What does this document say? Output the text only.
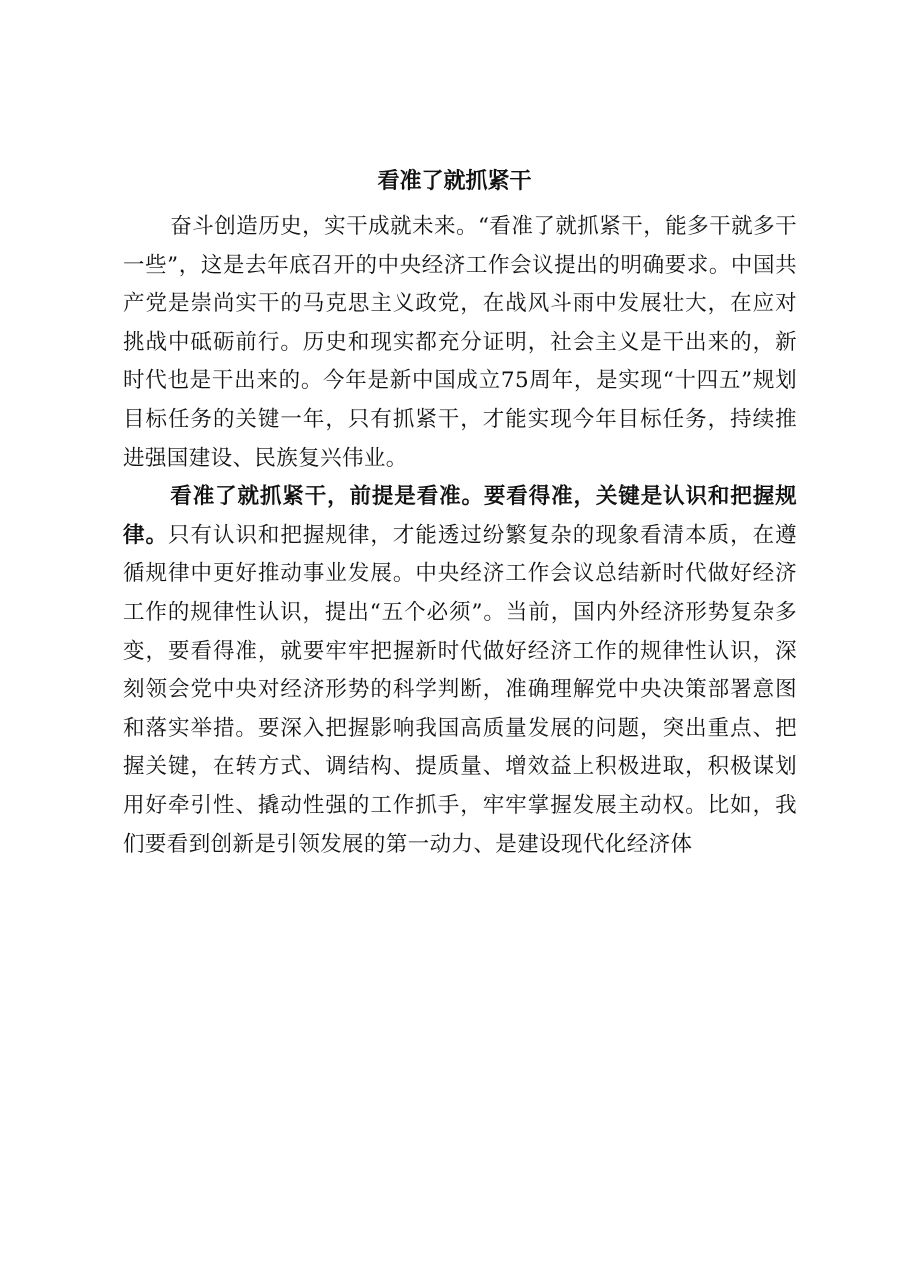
看准了就抓紧干

奋斗创造历史，实干成就未来。“看准了就抓紧干，能多干就多干一些”，这是去年底召开的中央经济工作会议提出的明确要求。中国共产党是崇尚实干的马克思主义政党，在战风斗雨中发展壮大，在应对挑战中砥砺前行。历史和现实都充分证明，社会主义是干出来的，新时代也是干出来的。今年是新中国成立75周年，是实现“十四五”规划目标任务的关键一年，只有抓紧干，才能实现今年目标任务，持续推进强国建设、民族复兴伟业。

看准了就抓紧干，前提是看准。要看得准，关键是认识和把握规律。只有认识和把握规律，才能透过纷繁复杂的现象看清本质，在遵循规律中更好推动事业发展。中央经济工作会议总结新时代做好经济工作的规律性认识，提出“五个必须”。当前，国内外经济形势复杂多变，要看得准，就要牢牢把握新时代做好经济工作的规律性认识，深刻领会党中央对经济形势的科学判断，准确理解党中央决策部署意图和落实举措。要深入把握影响我国高质量发展的问题，突出重点、把握关键，在转方式、调结构、提质量、增效益上积极进取，积极谋划用好牵引性、撬动性强的工作抓手，牢牢掌握发展主动权。比如，我们要看到创新是引领发展的第一动力、是建设现代化经济体
